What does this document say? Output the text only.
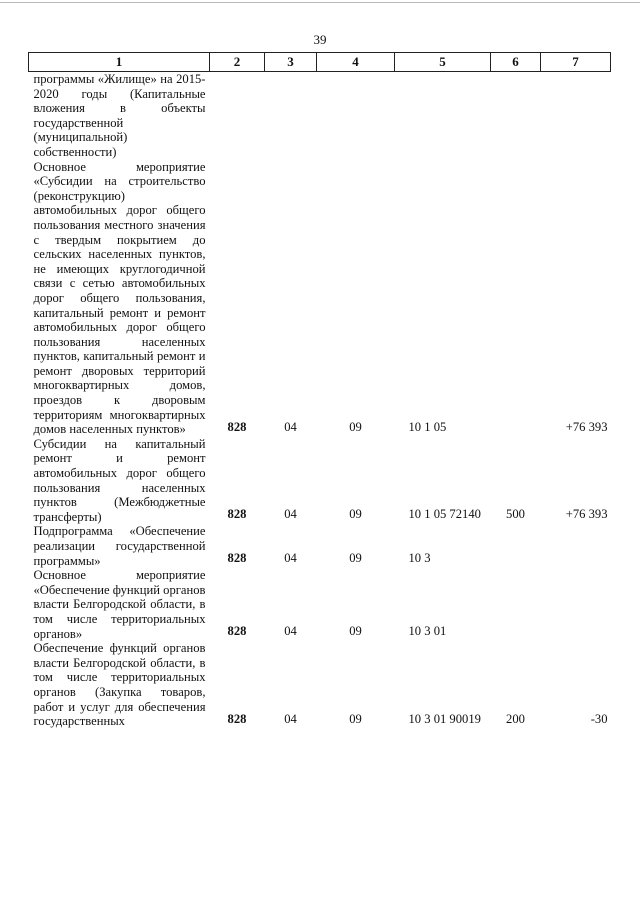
39
1	2	3	4	5	6	7
программы «Жилище» на 2015-2020 годы (Капитальные вложения в объекты государственной (муниципальной) собственности)						
Основное мероприятие «Субсидии на строительство (реконструкцию) автомобильных дорог общего пользования местного значения с твердым покрытием до сельских населенных пунктов, не имеющих круглогодичной связи с сетью автомобильных дорог общего пользования, капитальный ремонт и ремонт автомобильных дорог общего пользования населенных пунктов, капитальный ремонт и ремонт дворовых территорий многоквартирных домов, проездов к дворовым территориям многоквартирных домов населенных пунктов»	828	04	09	10 1 05		+76 393
Субсидии на капитальный ремонт и ремонт автомобильных дорог общего пользования населенных пунктов (Межбюджетные трансферты)	828	04	09	10 1 05 72140	500	+76 393
Подпрограмма «Обеспечение реализации государственной программы»	828	04	09	10 3		
Основное мероприятие «Обеспечение функций органов власти Белгородской области, в том числе территориальных органов»	828	04	09	10 3 01		
Обеспечение функций органов власти Белгородской области, в том числе территориальных органов (Закупка товаров, работ и услуг для обеспечения государственных	828	04	09	10 3 01 90019	200	-30
